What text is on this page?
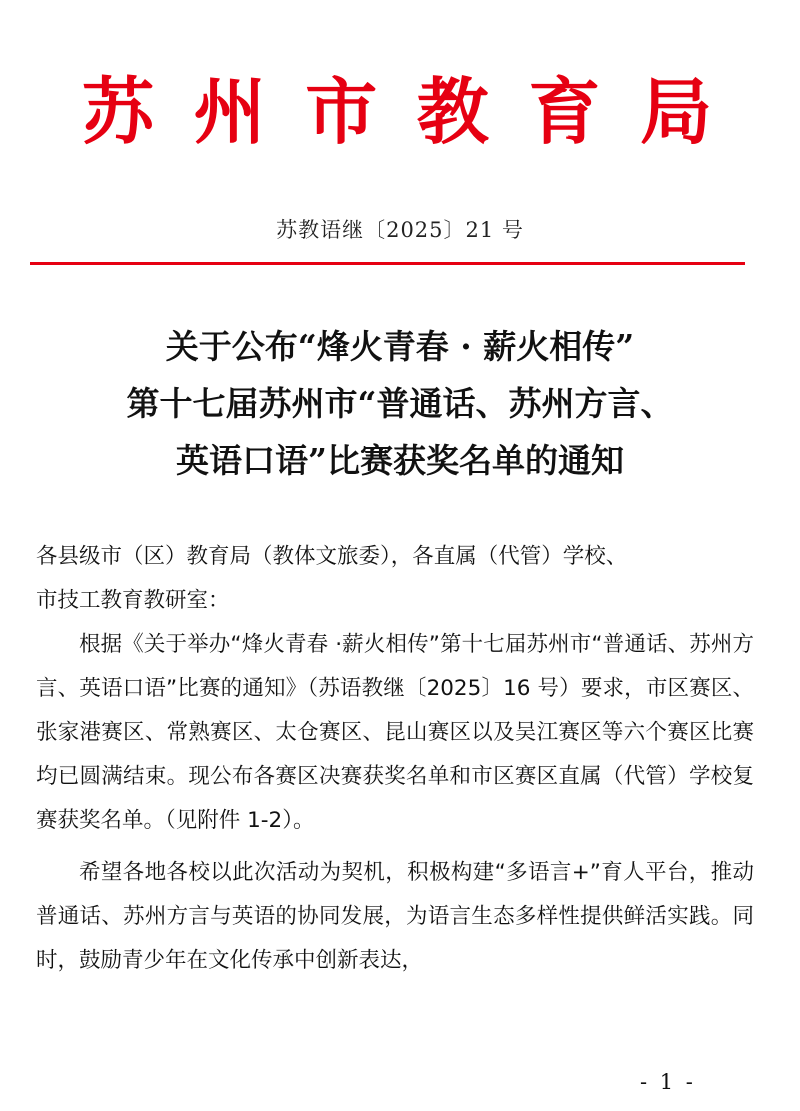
苏 州 市 教 育 局
苏教语继〔2025〕21 号
关于公布“烽火青春 · 薪火相传”
第十七届苏州市“普通话、苏州方言、
英语口语”比赛获奖名单的通知

各县级市（区）教育局（教体文旅委），各直属（代管）学校、

市技工教育教研室：

根据《关于举办“烽火青春 ·薪火相传”第十七届苏州市“普通话、苏州方言、英语口语”比赛的通知》（苏语教继〔2025〕16 号）要求，市区赛区、张家港赛区、常熟赛区、太仓赛区、昆山赛区以及吴江赛区等六个赛区比赛均已圆满结束。现公布各赛区决赛获奖名单和市区赛区直属（代管）学校复赛获奖名单。（见附件 1-2）。

希望各地各校以此次活动为契机，积极构建“多语言+”育人平台，推动普通话、苏州方言与英语的协同发展，为语言生态多样性提供鲜活实践。同时，鼓励青少年在文化传承中创新表达，

- 1 -
